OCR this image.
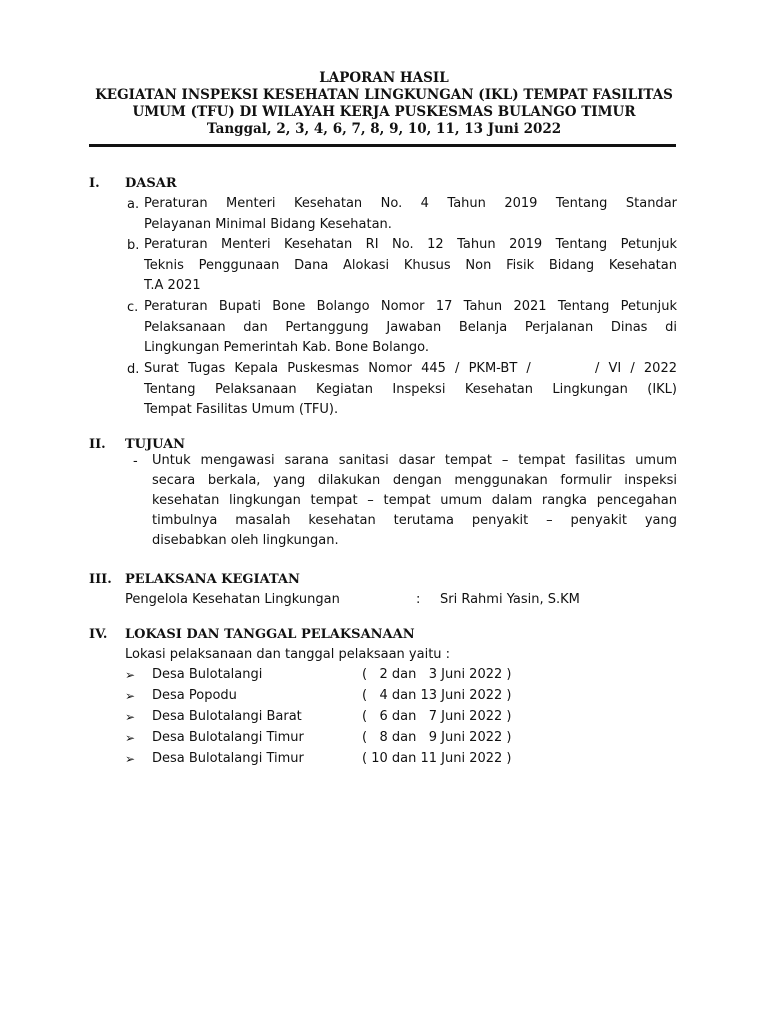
LAPORAN HASIL
KEGIATAN INSPEKSI KESEHATAN LINGKUNGAN (IKL) TEMPAT FASILITAS
UMUM (TFU) DI WILAYAH KERJA PUSKESMAS BULANGO TIMUR
Tanggal, 2, 3, 4, 6, 7, 8, 9, 10, 11, 13 Juni 2022
I. DASAR
a. Peraturan Menteri Kesehatan No. 4 Tahun 2019 Tentang Standar
Pelayanan Minimal Bidang Kesehatan.
b. Peraturan Menteri Kesehatan RI No. 12 Tahun 2019 Tentang Petunjuk
Teknis Penggunaan Dana Alokasi Khusus Non Fisik Bidang Kesehatan
T.A 2021
c. Peraturan Bupati Bone Bolango Nomor 17 Tahun 2021 Tentang Petunjuk
Pelaksanaan dan Pertanggung Jawaban Belanja Perjalanan Dinas di
Lingkungan Pemerintah Kab. Bone Bolango.
d. Surat Tugas Kepala Puskesmas Nomor 445 / PKM-BT /       / VI / 2022
Tentang Pelaksanaan Kegiatan Inspeksi Kesehatan Lingkungan (IKL)
Tempat Fasilitas Umum (TFU).
II. TUJUAN
- Untuk mengawasi sarana sanitasi dasar tempat – tempat fasilitas umum
secara berkala, yang dilakukan dengan menggunakan formulir inspeksi
kesehatan lingkungan tempat – tempat umum dalam rangka pencegahan
timbulnya masalah kesehatan terutama penyakit – penyakit yang
disebabkan oleh lingkungan.
III. PELAKSANA KEGIATAN
Pengelola Kesehatan Lingkungan	: Sri Rahmi Yasin, S.KM
IV. LOKASI DAN TANGGAL PELAKSANAAN
Lokasi pelaksanaan dan tanggal pelaksaan yaitu :
➢ Desa Bulotalangi	(   2 dan   3 Juni 2022 )
➢ Desa Popodu	(   4 dan 13 Juni 2022 )
➢ Desa Bulotalangi Barat	(   6 dan   7 Juni 2022 )
➢ Desa Bulotalangi Timur	(   8 dan   9 Juni 2022 )
➢ Desa Bulotalangi Timur	( 10 dan 11 Juni 2022 )
